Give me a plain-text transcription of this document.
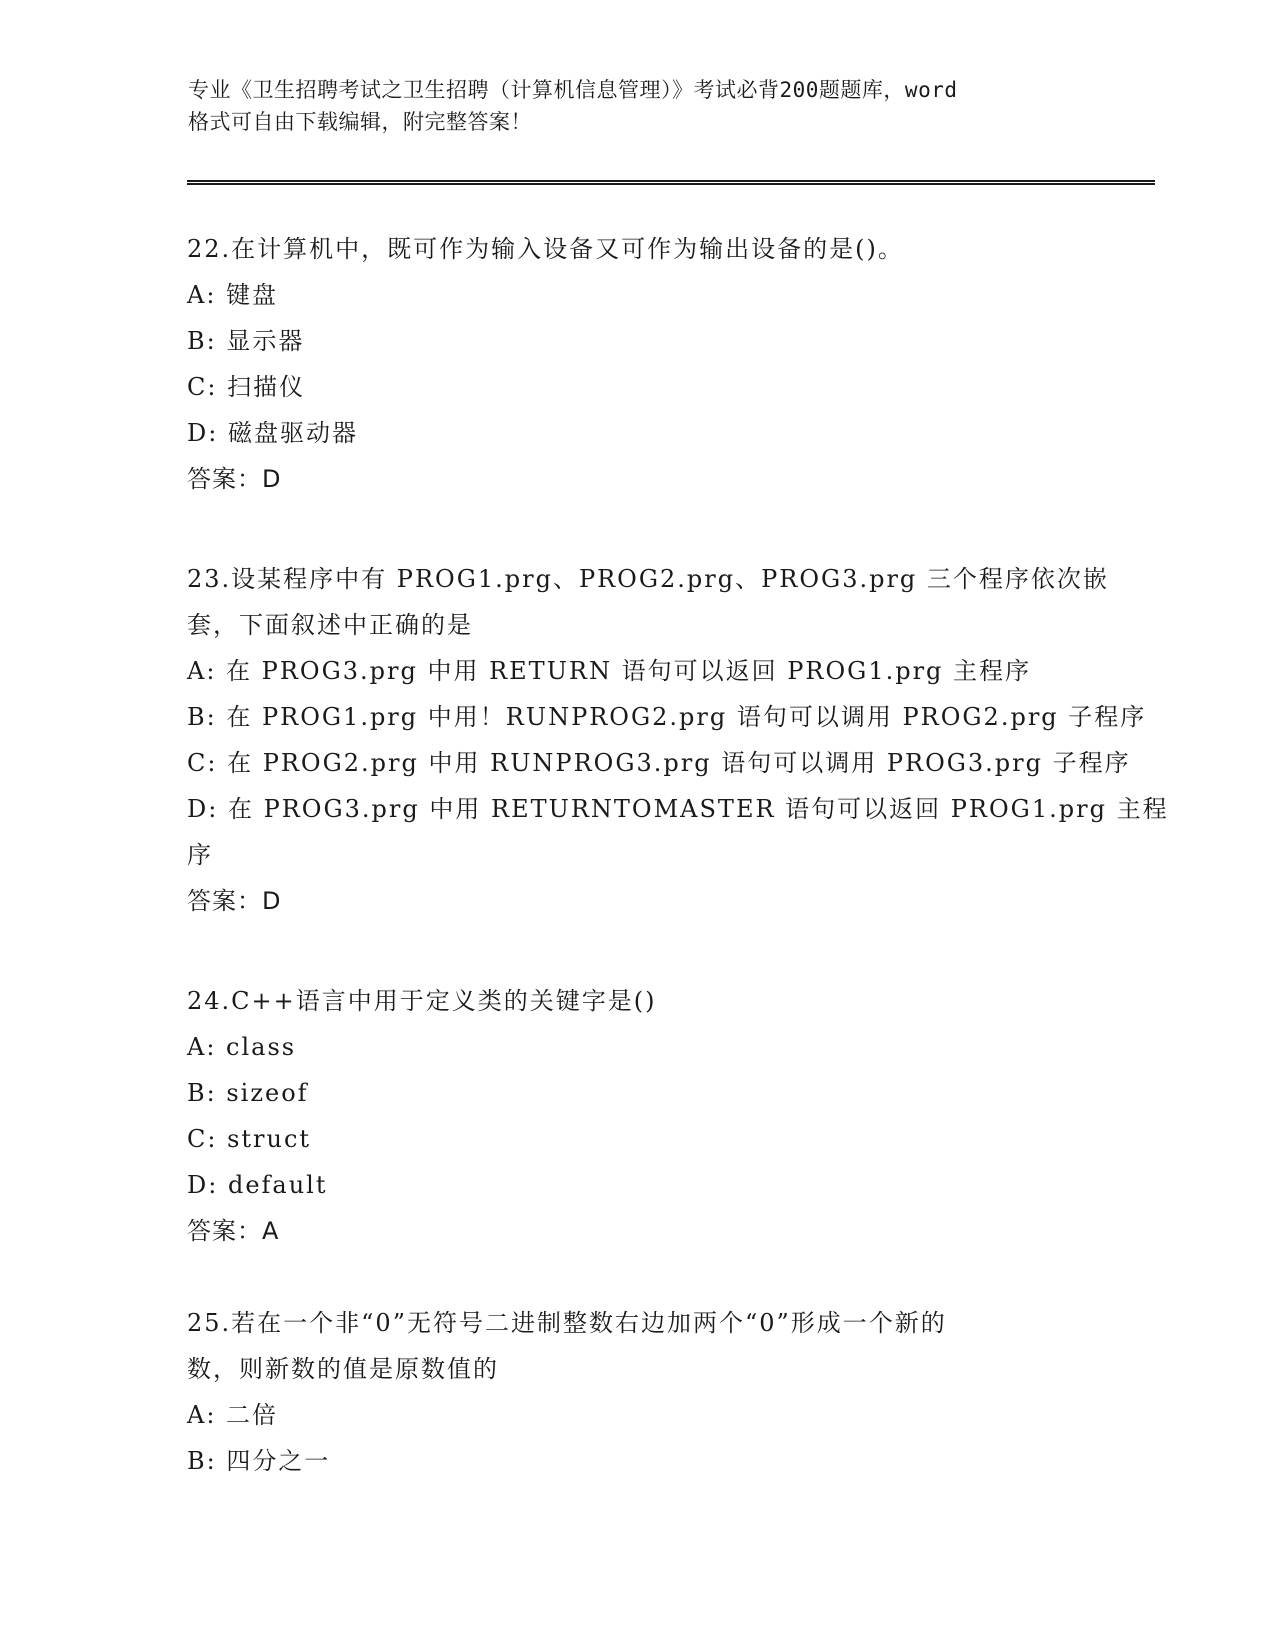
专业《卫生招聘考试之卫生招聘（计算机信息管理）》考试必背200题题库，word
格式可自由下载编辑，附完整答案！
22.在计算机中，既可作为输入设备又可作为输出设备的是()。
A: 键盘
B: 显示器
C: 扫描仪
D: 磁盘驱动器
答案：D
23.设某程序中有 PROG1.prg、PROG2.prg、PROG3.prg 三个程序依次嵌
套，下面叙述中正确的是
A: 在 PROG3.prg 中用 RETURN 语句可以返回 PROG1.prg 主程序
B: 在 PROG1.prg 中用！RUNPROG2.prg 语句可以调用 PROG2.prg 子程序
C: 在 PROG2.prg 中用 RUNPROG3.prg 语句可以调用 PROG3.prg 子程序
D: 在 PROG3.prg 中用 RETURNTOMASTER 语句可以返回 PROG1.prg 主程
序
答案：D
24.C++语言中用于定义类的关键字是()
A: class
B: sizeof
C: struct
D: default
答案：A
25.若在一个非“0”无符号二进制整数右边加两个“0”形成一个新的
数，则新数的值是原数值的
A: 二倍
B: 四分之一
